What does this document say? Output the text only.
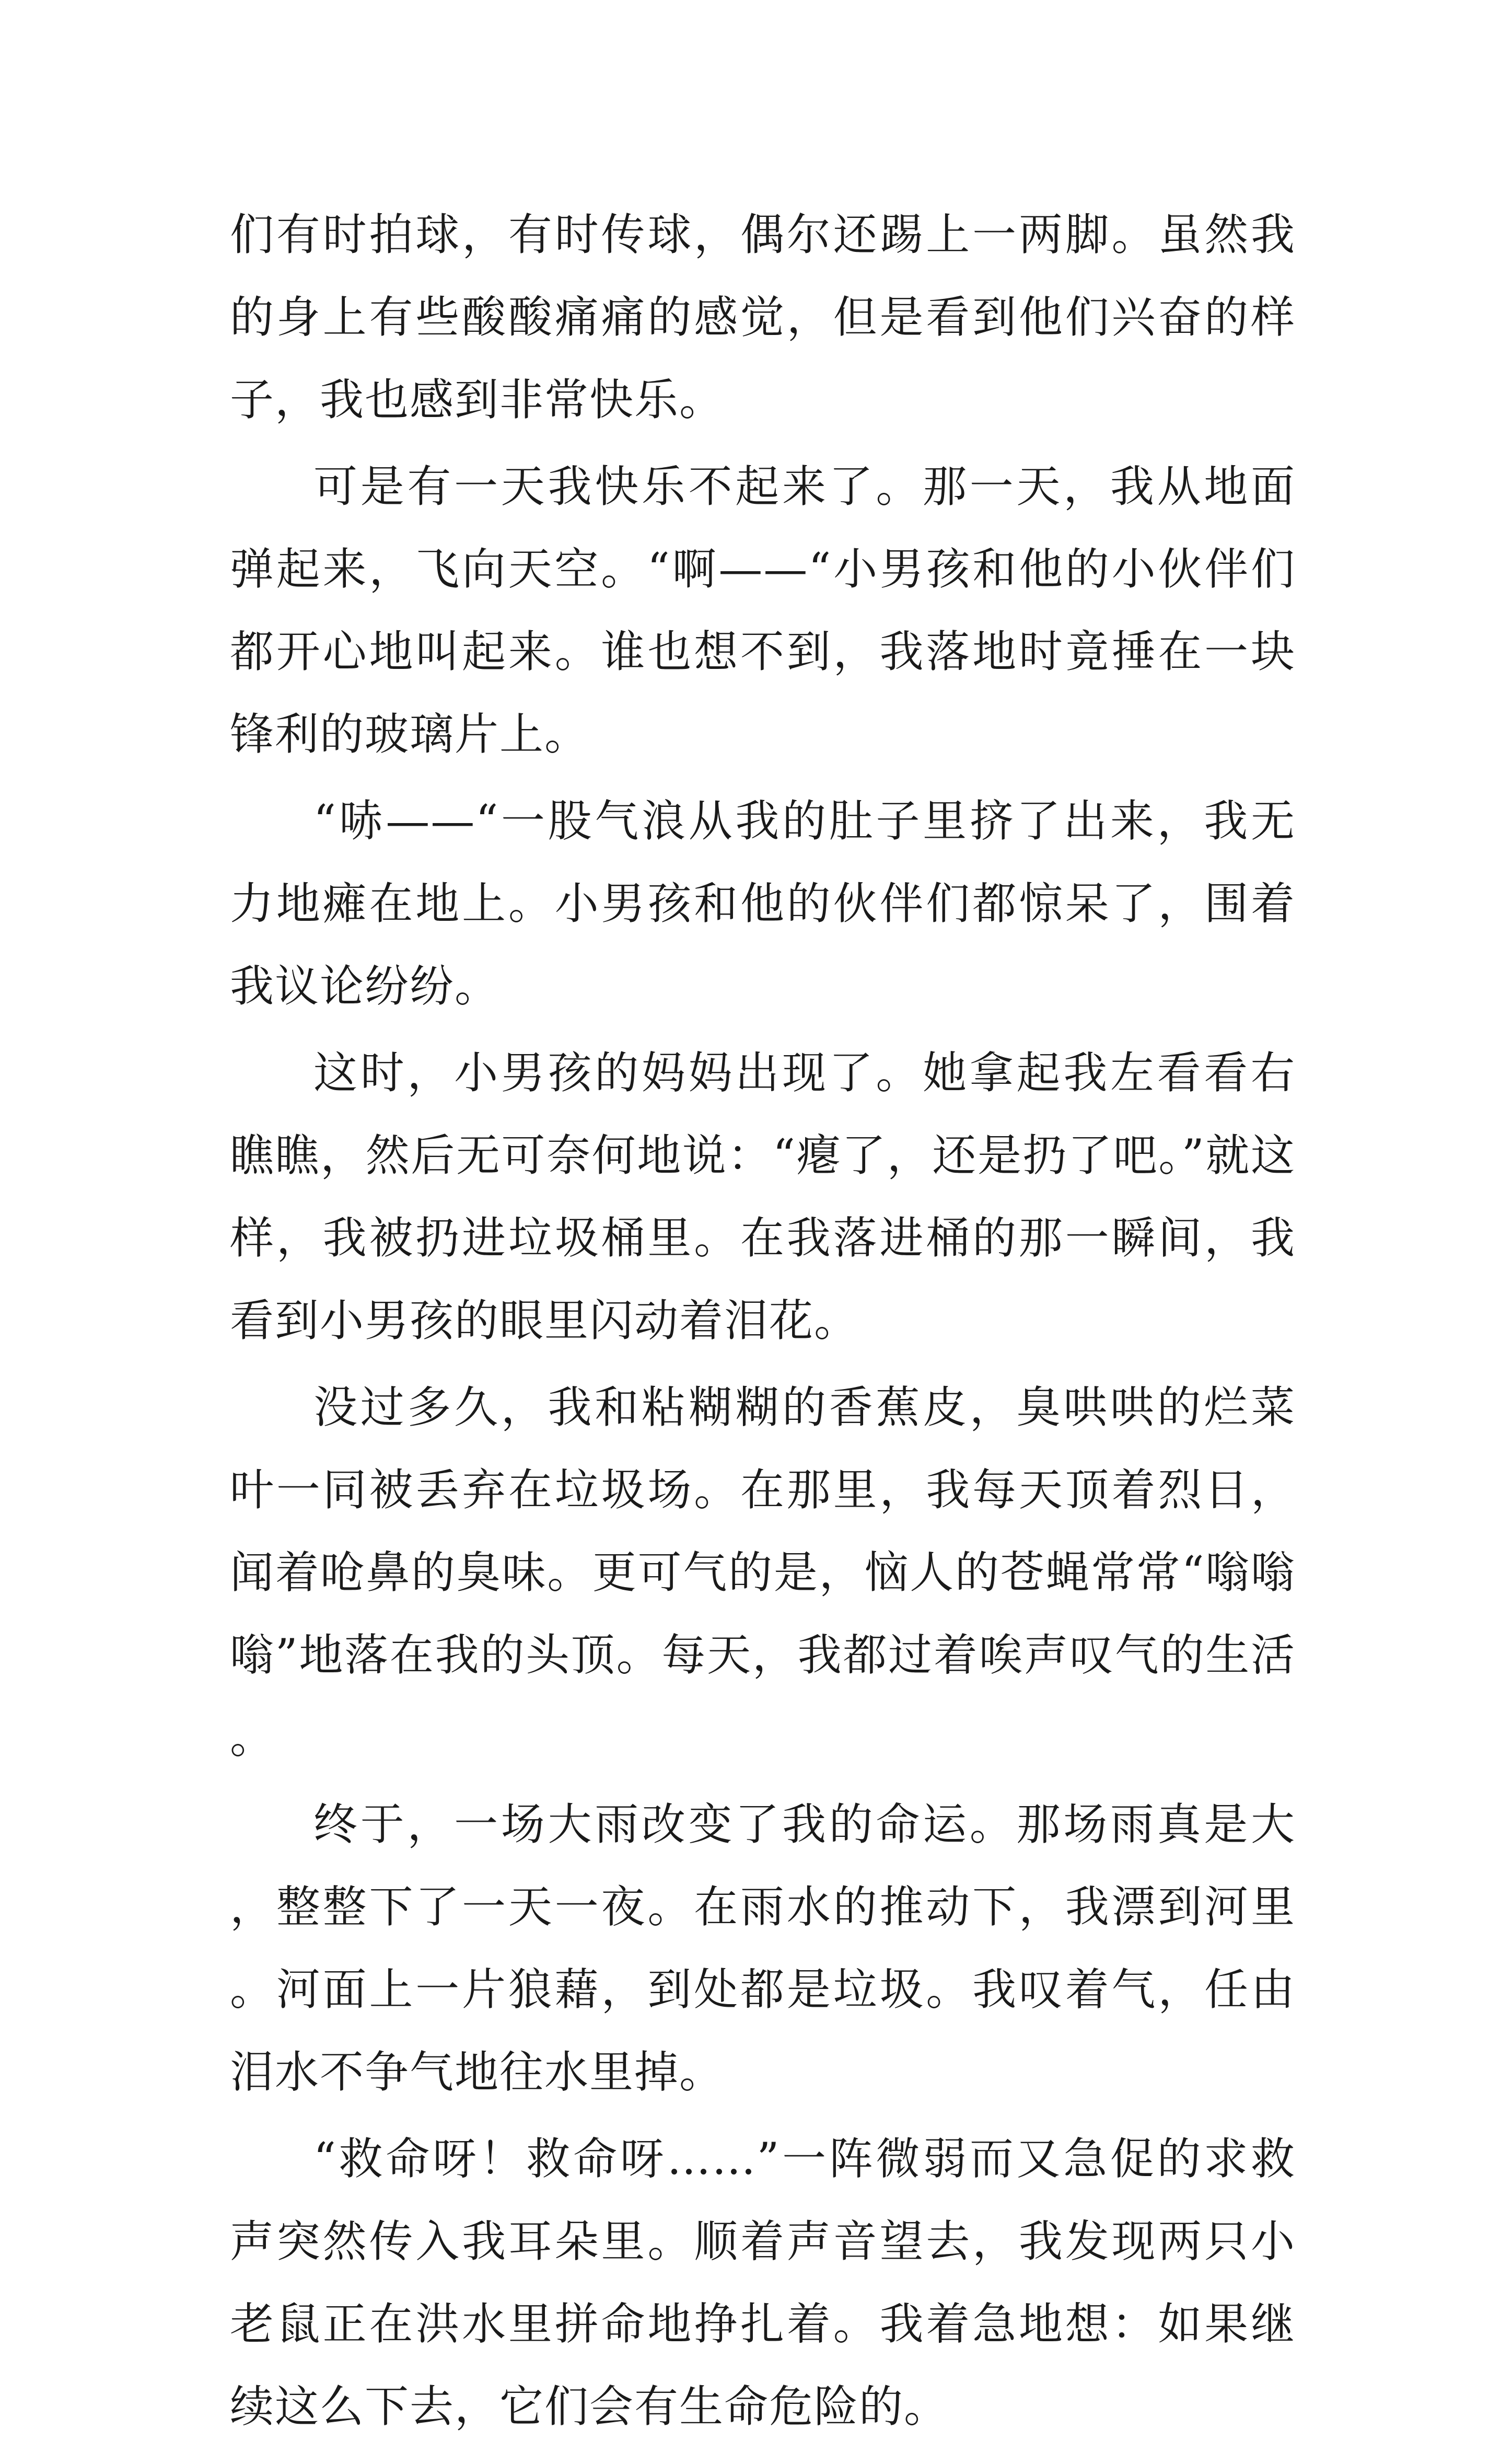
们有时拍球，有时传球，偶尔还踢上一两脚。虽然我的身上有些酸酸痛痛的感觉，但是看到他们兴奋的样子，我也感到非常快乐。

可是有一天我快乐不起来了。那一天，我从地面弹起来，飞向天空。“啊——“小男孩和他的小伙伴们都开心地叫起来。谁也想不到，我落地时竟捶在一块锋利的玻璃片上。

“哧——“一股气浪从我的肚子里挤了出来，我无力地瘫在地上。小男孩和他的伙伴们都惊呆了，围着我议论纷纷。

这时，小男孩的妈妈出现了。她拿起我左看看右瞧瞧，然后无可奈何地说：“瘪了，还是扔了吧。”就这样，我被扔进垃圾桶里。在我落进桶的那一瞬间，我看到小男孩的眼里闪动着泪花。

没过多久，我和粘糊糊的香蕉皮，臭哄哄的烂菜叶一同被丢弃在垃圾场。在那里，我每天顶着烈日，闻着呛鼻的臭味。更可气的是，恼人的苍蝇常常“嗡嗡嗡”地落在我的头顶。每天，我都过着唉声叹气的生活。

终于，一场大雨改变了我的命运。那场雨真是大，整整下了一天一夜。在雨水的推动下，我漂到河里。河面上一片狼藉，到处都是垃圾。我叹着气，任由泪水不争气地往水里掉。

“救命呀！救命呀……”一阵微弱而又急促的求救声突然传入我耳朵里。顺着声音望去，我发现两只小老鼠正在洪水里拼命地挣扎着。我着急地想：如果继续这么下去，它们会有生命危险的。
